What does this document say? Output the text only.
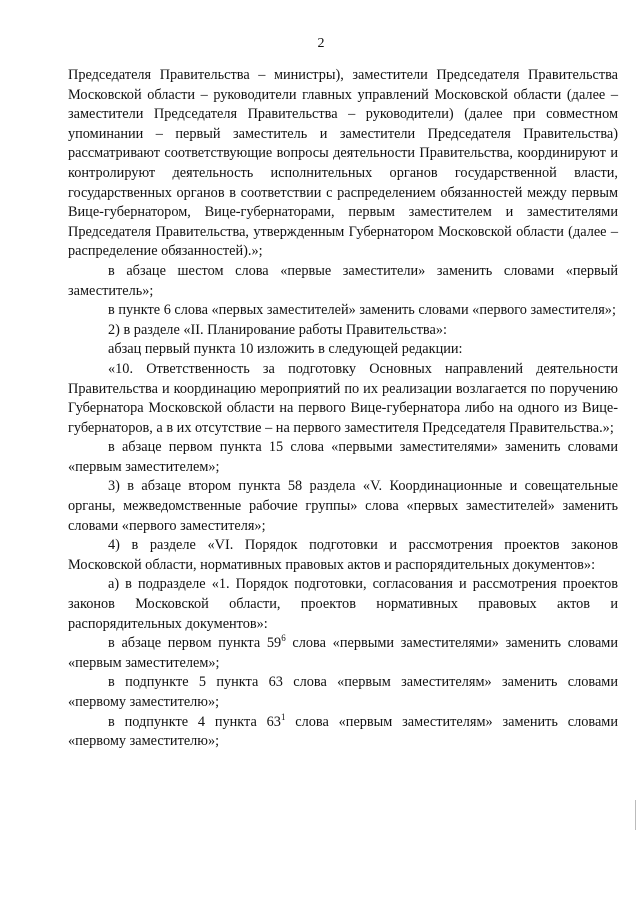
2

Председателя Правительства – министры), заместители Председателя Правительства Московской области – руководители главных управлений Московской области (далее – заместители Председателя Правительства – руководители) (далее при совместном упоминании – первый заместитель и заместители Председателя Правительства) рассматривают соответствующие вопросы деятельности Правительства, координируют и контролируют деятельность исполнительных органов государственной власти, государственных органов в соответствии с распределением обязанностей между первым Вице-губернатором, Вице-губернаторами, первым заместителем и заместителями Председателя Правительства, утвержденным Губернатором Московской области (далее – распределение обязанностей).»;

в абзаце шестом слова «первые заместители» заменить словами «первый заместитель»;

в пункте 6 слова «первых заместителей» заменить словами «первого заместителя»;

2) в разделе «II. Планирование работы Правительства»:

абзац первый пункта 10 изложить в следующей редакции:

«10. Ответственность за подготовку Основных направлений деятельности Правительства и координацию мероприятий по их реализации возлагается по поручению Губернатора Московской области на первого Вице-губернатора либо на одного из Вице-губернаторов, а в их отсутствие – на первого заместителя Председателя Правительства.»;

в абзаце первом пункта 15 слова «первыми заместителями» заменить словами «первым заместителем»;

3) в абзаце втором пункта 58 раздела «V. Координационные и совещательные органы, межведомственные рабочие группы» слова «первых заместителей» заменить словами «первого заместителя»;

4) в разделе «VI. Порядок подготовки и рассмотрения проектов законов Московской области, нормативных правовых актов и распорядительных документов»:

а) в подразделе «1. Порядок подготовки, согласования и рассмотрения проектов законов Московской области, проектов нормативных правовых актов и распорядительных документов»:

в абзаце первом пункта $59^6$ слова «первыми заместителями» заменить словами «первым заместителем»;

в подпункте 5 пункта 63 слова «первым заместителям» заменить словами «первому заместителю»;

в подпункте 4 пункта $63^1$ слова «первым заместителям» заменить словами «первому заместителю»;
